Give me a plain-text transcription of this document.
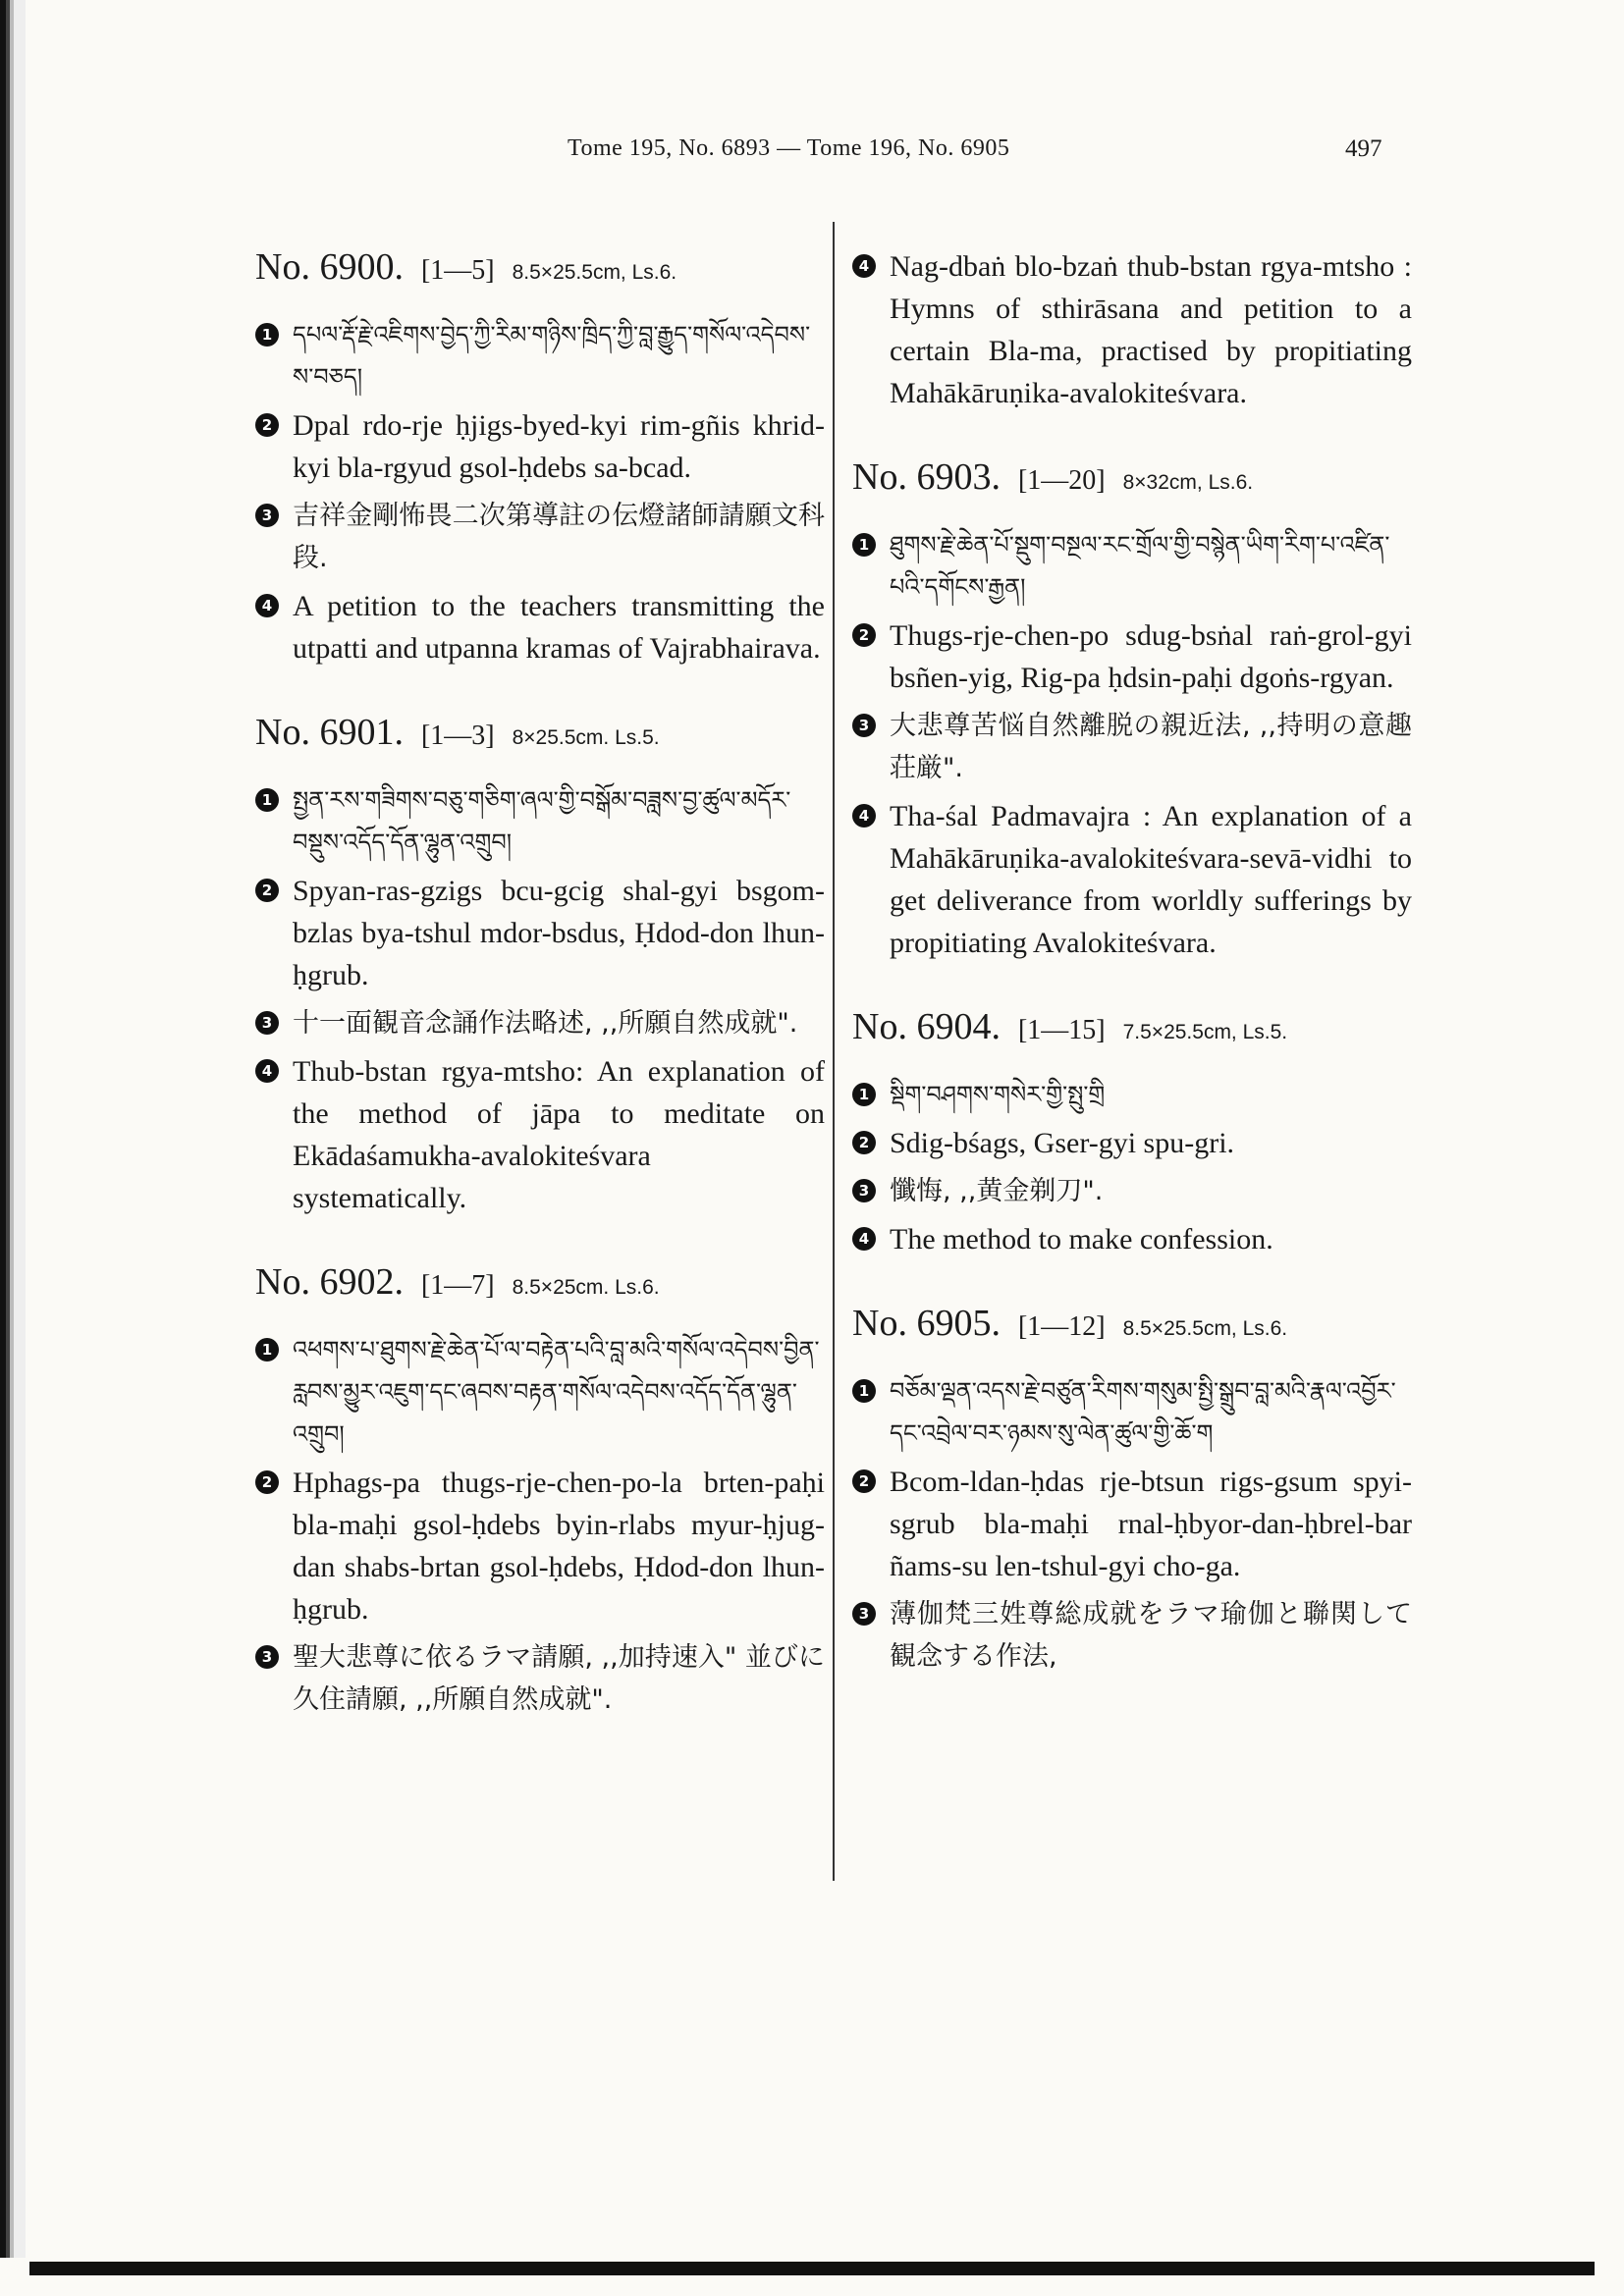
Tome 195, No. 6893 — Tome 196, No. 6905	497
No. 6900. [1—5] 8.5×25.5cm, Ls.6.
1 དཔལ་རྡོ་རྗེ་འཇིགས་བྱེད་ཀྱི་རིམ་གཉིས་ཁྲིད་ཀྱི་བླ་རྒྱུད་གསོལ་འདེབས་ས་བཅད།
2 Dpal rdo-rje ḥjigs-byed-kyi rim-gñis khrid-kyi bla-rgyud gsol-ḥdebs sa-bcad.
3 吉祥金剛怖畏二次第導註の伝燈諸師請願文科段.
4 A petition to the teachers transmitting the utpatti and utpanna kramas of Vajrabhairava.
No. 6901. [1—3] 8×25.5cm. Ls.5.
1 སྤྱན་རས་གཟིགས་བཅུ་གཅིག་ཞལ་གྱི་བསྒོམ་བཟླས་བྱ་ཚུལ་མདོར་བསྡུས་འདོད་དོན་ལྷུན་འགྲུབ།
2 Spyan-ras-gzigs bcu-gcig shal-gyi bsgom-bzlas bya-tshul mdor-bsdus, Ḥdod-don lhun-ḥgrub.
3 十一面観音念誦作法略述, ,,所願自然成就".
4 Thub-bstan rgya-mtsho: An explanation of the method of jāpa to meditate on Ekādaśamukha-avalokiteśvara systematically.
No. 6902. [1—7] 8.5×25cm. Ls.6.
1 འཕགས་པ་ཐུགས་རྗེ་ཆེན་པོ་ལ་བརྟེན་པའི་བླ་མའི་གསོལ་འདེབས་བྱིན་རླབས་མྱུར་འཇུག་དང་ཞབས་བརྟན་གསོལ་འདེབས་འདོད་དོན་ལྷུན་འགྲུབ།
2 Hphags-pa thugs-rje-chen-po-la brten-paḥi bla-maḥi gsol-ḥdebs byin-rlabs myur-ḥjug-dan shabs-brtan gsol-ḥdebs, Ḥdod-don lhun-ḥgrub.
3 聖大悲尊に依るラマ請願, ,,加持速入" 並びに久住請願, ,,所願自然成就".
4 Nag-dbaṅ blo-bzaṅ thub-bstan rgya-mtsho : Hymns of sthirāsana and petition to a certain Bla-ma, practised by propitiating Mahākāruṇika-avalokiteśvara.
No. 6903. [1—20] 8×32cm, Ls.6.
1 ཐུགས་རྗེ་ཆེན་པོ་སྡུག་བསྔལ་རང་གྲོལ་གྱི་བསྙེན་ཡིག་རིག་པ་འཛིན་པའི་དགོངས་རྒྱན།
2 Thugs-rje-chen-po sdug-bsṅal raṅ-grol-gyi bsñen-yig, Rig-pa ḥdsin-paḥi dgoṅs-rgyan.
3 大悲尊苦悩自然離脱の親近法, ,,持明の意趣荘厳".
4 Tha-śal Padmavajra : An explanation of a Mahākāruṇika-avalokiteśvara-sevā-vidhi to get deliverance from worldly sufferings by propitiating Avalokiteśvara.
No. 6904. [1—15] 7.5×25.5cm, Ls.5.
1 སྡིག་བཤགས་གསེར་གྱི་སྤུ་གྲི
2 Sdig-bśags, Gser-gyi spu-gri.
3 懺悔, ,,黄金剃刀".
4 The method to make confession.
No. 6905. [1—12] 8.5×25.5cm, Ls.6.
1 བཅོམ་ལྡན་འདས་རྗེ་བཙུན་རིགས་གསུམ་སྤྱི་སྒྲུབ་བླ་མའི་རྣལ་འབྱོར་དང་འབྲེལ་བར་ཉམས་སུ་ལེན་ཚུལ་གྱི་ཆོ་ག
2 Bcom-ldan-ḥdas rje-btsun rigs-gsum spyi-sgrub bla-maḥi rnal-ḥbyor-dan-ḥbrel-bar ñams-su len-tshul-gyi cho-ga.
3 薄伽梵三姓尊総成就をラマ瑜伽と聯関して観念する作法,
